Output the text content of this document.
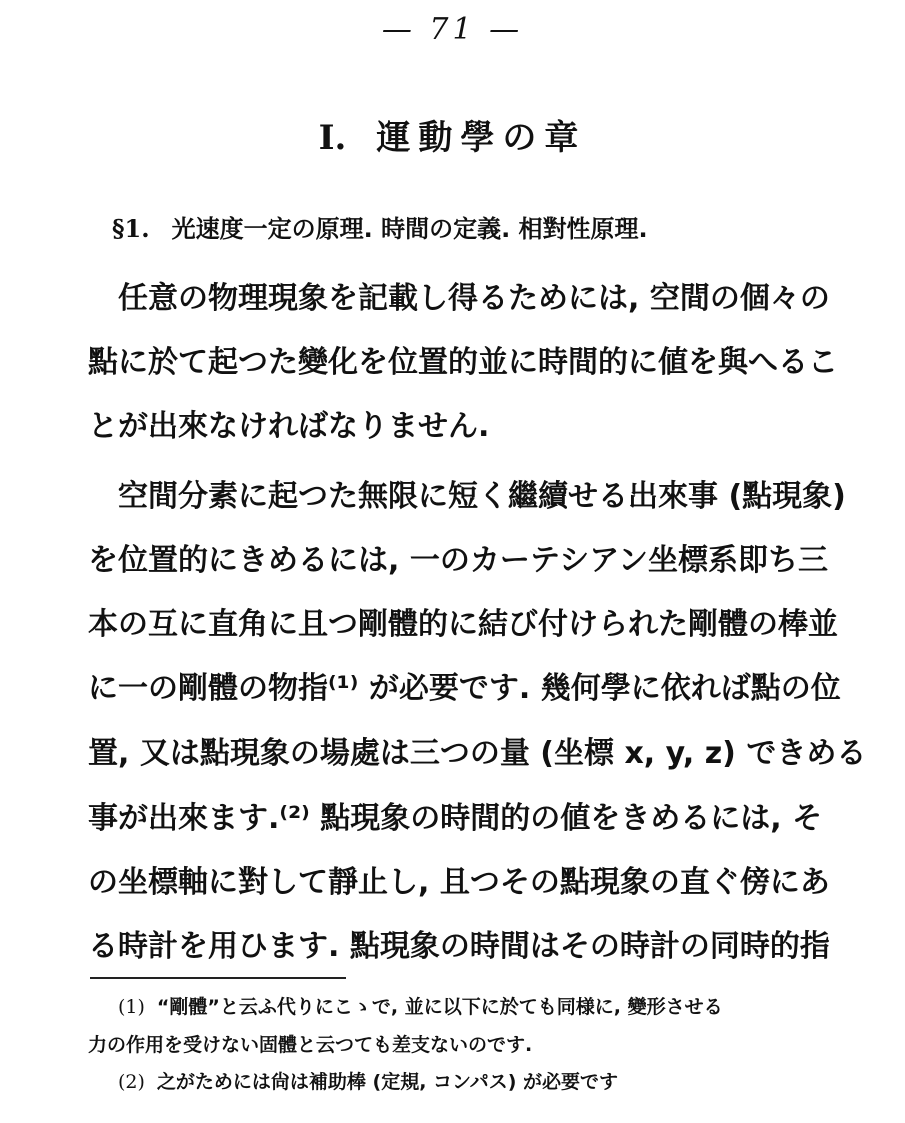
— 71 —
I. 運動學の章
§1. 光速度一定の原理. 時間の定義. 相對性原理.
任意の物理現象を記載し得るためには, 空間の個々の
點に於て起つた變化を位置的並に時間的に値を與へるこ
とが出來なければなりません.
空間分素に起つた無限に短く繼續せる出來事 (點現象)
を位置的にきめるには, 一のカーテシアン坐標系即ち三
本の互に直角に且つ剛體的に結び付けられた剛體の棒並
に一の剛體の物指⁽¹⁾ が必要です. 幾何學に依れば點の位
置, 又は點現象の場處は三つの量 (坐標 x, y, z) できめる
事が出來ます.⁽²⁾ 點現象の時間的の値をきめるには, そ
の坐標軸に對して靜止し, 且つその點現象の直ぐ傍にあ
る時計を用ひます. 點現象の時間はその時計の同時的指
(1) “剛體”と云ふ代りにこゝで, 並に以下に於ても同様に, 變形させる
力の作用を受けない固體と云つても差支ないのです.
(2) 之がためには尙は補助棒 (定規, コンパス) が必要です
